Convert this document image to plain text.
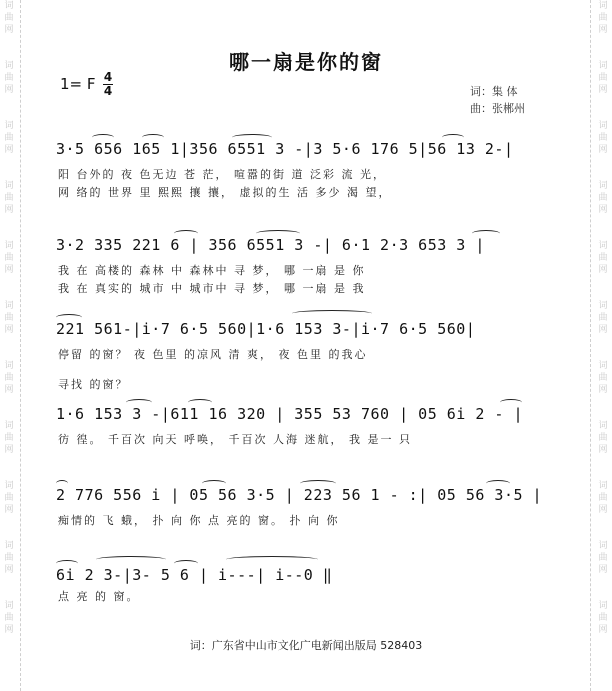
词
曲
网
词
曲
网
词
曲
网
词
曲
网
词
曲
网
词
曲
网
词
曲
网
词
曲
网
词
曲
网
词
曲
网
词
曲
网
词
曲
网
词
曲
网
词
曲
网
词
曲
网
词
曲
网
词
曲
网
词
曲
网
词
曲
网
词
曲
网
词
曲
网
词
曲
网
哪一扇是你的窗
1= F 4
4	词：集 体
曲：张郴州
3·5 656 165 1|356 6551 3 -|3 5·6 176 5|56 13 2-|
阳 台外的 夜 色无边 苍 茫， 喧嚣的街 道 泛彩 流 光，
网 络的 世界 里 熙熙 攘 攘， 虚拟的生 活 多少 渴 望，
3·2 335 221 6 | 356 6551 3 -| 6·1 2·3 653 3 |
我 在 高楼的 森林 中 森林中 寻 梦， 哪 一扇 是 你
我 在 真实的 城市 中 城市中 寻 梦， 哪 一扇 是 我
221 561-|i·7 6·5 560|1·6 153 3-|i·7 6·5 560|
停留 的窗？ 夜 色里 的凉风 清 爽， 夜 色里 的我心
寻找 的窗？
1·6 153 3 -|611 16 320 | 355 53 760 | 05 6i 2 - |
彷 徨。 千百次 向天 呼唤， 千百次 人海 迷航， 我 是一 只
2 776 556 i | 05 56 3·5 | 223 56 1 - :| 05 56 3·5 |
痴情的 飞 蛾， 扑 向 你 点 亮的 窗。 扑 向 你
6i 2 3-|3- 5 6 | i---| i--0 ‖
点 亮 的 窗。
词：广东省中山市文化广电新闻出版局 528403
